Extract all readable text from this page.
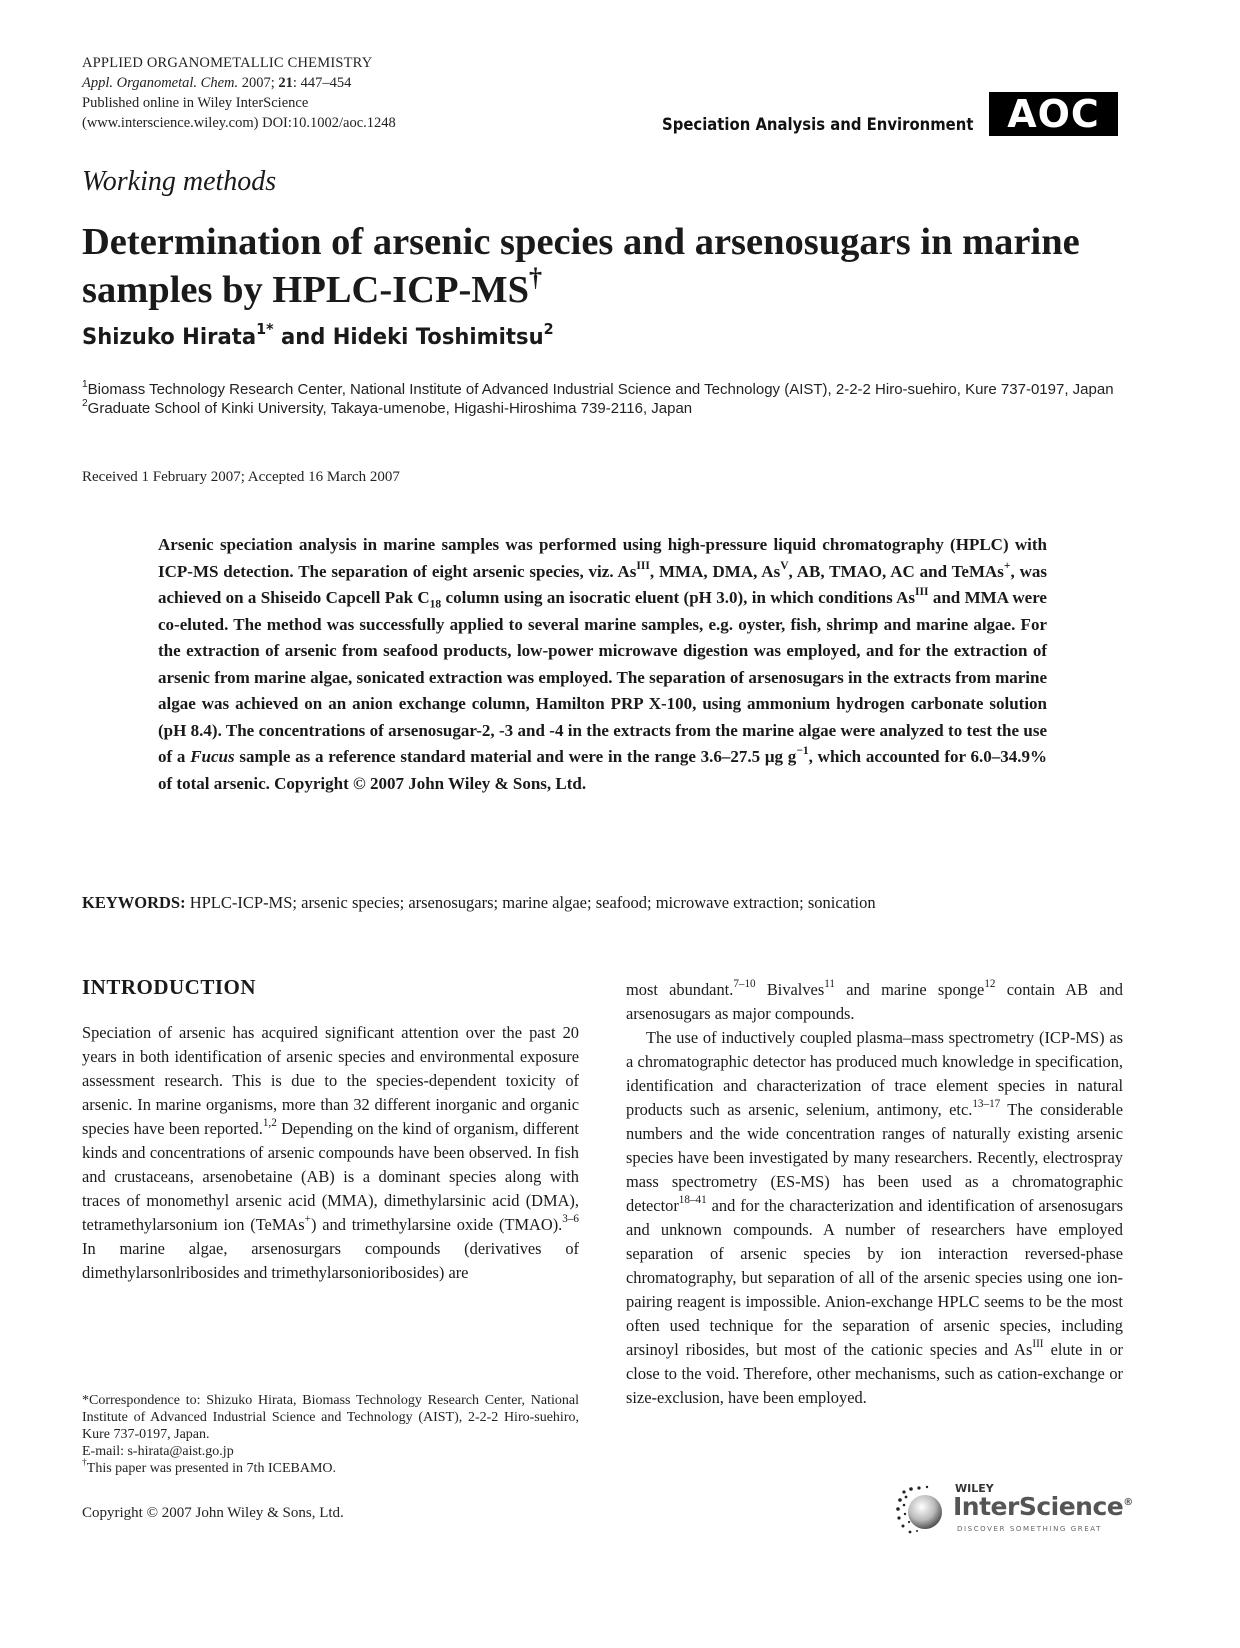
APPLIED ORGANOMETALLIC CHEMISTRY
Appl. Organometal. Chem. 2007; 21: 447–454
Published online in Wiley InterScience
(www.interscience.wiley.com) DOI:10.1002/aoc.1248	Speciation Analysis and Environment AOC
Working methods
Determination of arsenic species and arsenosugars in marine samples by HPLC-ICP-MS†
Shizuko Hirata$^{1*}$ and Hideki Toshimitsu$^2$

$^1$Biomass Technology Research Center, National Institute of Advanced Industrial Science and Technology (AIST), 2-2-2 Hiro-suehiro, Kure 737-0197, Japan

$^2$Graduate School of Kinki University, Takaya-umenobe, Higashi-Hiroshima 739-2116, Japan

Received 1 February 2007; Accepted 16 March 2007

Arsenic speciation analysis in marine samples was performed using high-pressure liquid chromatography (HPLC) with ICP-MS detection. The separation of eight arsenic species, viz. $As^{III}$, MMA, DMA, $As^V$, AB, TMAO, AC and TeMAs+, was achieved on a Shiseido Capcell Pak $C_{18}$ column using an isocratic eluent (pH 3.0), in which conditions $As^{III}$ and MMA were co-eluted. The method was successfully applied to several marine samples, e.g. oyster, fish, shrimp and marine algae. For the extraction of arsenic from seafood products, low-power microwave digestion was employed, and for the extraction of arsenic from marine algae, sonicated extraction was employed. The separation of arsenosugars in the extracts from marine algae was achieved on an anion exchange column, Hamilton PRP X-100, using ammonium hydrogen carbonate solution (pH 8.4). The concentrations of arsenosugar-2, -3 and -4 in the extracts from the marine algae were analyzed to test the use of a Fucus sample as a reference standard material and were in the range 3.6–27.5 μg $g^{-1}$, which accounted for 6.0–34.9% of total arsenic. Copyright © 2007 John Wiley & Sons, Ltd.

KEYWORDS: HPLC-ICP-MS; arsenic species; arsenosugars; marine algae; seafood; microwave extraction; sonication
INTRODUCTION

Speciation of arsenic has acquired significant attention over the past 20 years in both identification of arsenic species and environmental exposure assessment research. This is due to the species-dependent toxicity of arsenic. In marine organisms, more than 32 different inorganic and organic species have been reported.$^{1,2}$ Depending on the kind of organism, different kinds and concentrations of arsenic compounds have been observed. In fish and crustaceans, arsenobetaine (AB) is a dominant species along with traces of monomethyl arsenic acid (MMA), dimethylarsinic acid (DMA), tetramethylarsonium ion (TeMAs+) and trimethylarsine oxide (TMAO).$^{3-6}$ In marine algae, arsenosurgars compounds (derivatives of dimethylarsonlribosides and trimethylarsonioribosides) are

most abundant.$^{7-10}$ Bivalves$^{11}$ and marine sponge$^{12}$ contain AB and arsenosugars as major compounds.

The use of inductively coupled plasma–mass spectrometry (ICP-MS) as a chromatographic detector has produced much knowledge in specification, identification and characterization of trace element species in natural products such as arsenic, selenium, antimony, etc.$^{13-17}$ The considerable numbers and the wide concentration ranges of naturally existing arsenic species have been investigated by many researchers. Recently, electrospray mass spectrometry (ES-MS) has been used as a chromatographic detector$^{18-41}$ and for the characterization and identification of arsenosugars and unknown compounds. A number of researchers have employed separation of arsenic species by ion interaction reversed-phase chromatography, but separation of all of the arsenic species using one ion-pairing reagent is impossible. Anion-exchange HPLC seems to be the most often used technique for the separation of arsenic species, including arsinoyl ribosides, but most of the cationic species and $As^{III}$ elute in or close to the void. Therefore, other mechanisms, such as cation-exchange or size-exclusion, have been employed.

*Correspondence to: Shizuko Hirata, Biomass Technology Research Center, National Institute of Advanced Industrial Science and Technology (AIST), 2-2-2 Hiro-suehiro, Kure 737-0197, Japan.

E-mail: s-hirata@aist.go.jp

†This paper was presented in 7th ICEBAMO.

Copyright © 2007 John Wiley & Sons, Ltd.
WILEY
InterScience®
DISCOVER SOMETHING GREAT
